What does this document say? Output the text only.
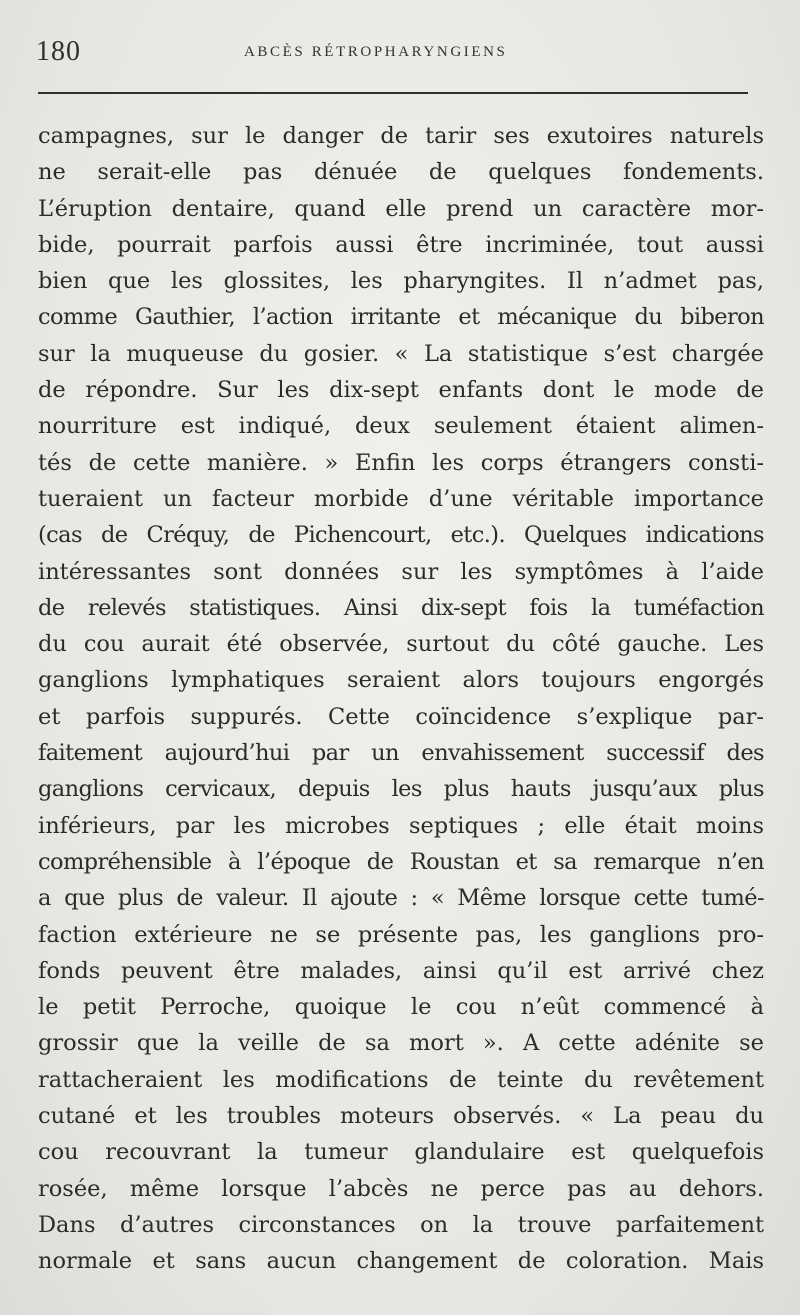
180	ABCÈS RÉTROPHARYNGIENS
campagnes, sur le danger de tarir ses exutoires naturels
ne serait-elle pas dénuée de quelques fondements.
L’éruption dentaire, quand elle prend un caractère mor-
bide, pourrait parfois aussi être incriminée, tout aussi
bien que les glossites, les pharyngites. Il n’admet pas,
comme Gauthier, l’action irritante et mécanique du biberon
sur la muqueuse du gosier. « La statistique s’est chargée
de répondre. Sur les dix-sept enfants dont le mode de
nourriture est indiqué, deux seulement étaient alimen-
tés de cette manière. » Enfin les corps étrangers consti-
tueraient un facteur morbide d’une véritable importance
(cas de Créquy, de Pichencourt, etc.). Quelques indications
intéressantes sont données sur les symptômes à l’aide
de relevés statistiques. Ainsi dix-sept fois la tuméfaction
du cou aurait été observée, surtout du côté gauche. Les
ganglions lymphatiques seraient alors toujours engorgés
et parfois suppurés. Cette coïncidence s’explique par-
faitement aujourd’hui par un envahissement successif des
ganglions cervicaux, depuis les plus hauts jusqu’aux plus
inférieurs, par les microbes septiques ; elle était moins
compréhensible à l’époque de Roustan et sa remarque n’en
a que plus de valeur. Il ajoute : « Même lorsque cette tumé-
faction extérieure ne se présente pas, les ganglions pro-
fonds peuvent être malades, ainsi qu’il est arrivé chez
le petit Perroche, quoique le cou n’eût commencé à
grossir que la veille de sa mort ». A cette adénite se
rattacheraient les modifications de teinte du revêtement
cutané et les troubles moteurs observés. « La peau du
cou recouvrant la tumeur glandulaire est quelquefois
rosée, même lorsque l’abcès ne perce pas au dehors.
Dans d’autres circonstances on la trouve parfaitement
normale et sans aucun changement de coloration. Mais
